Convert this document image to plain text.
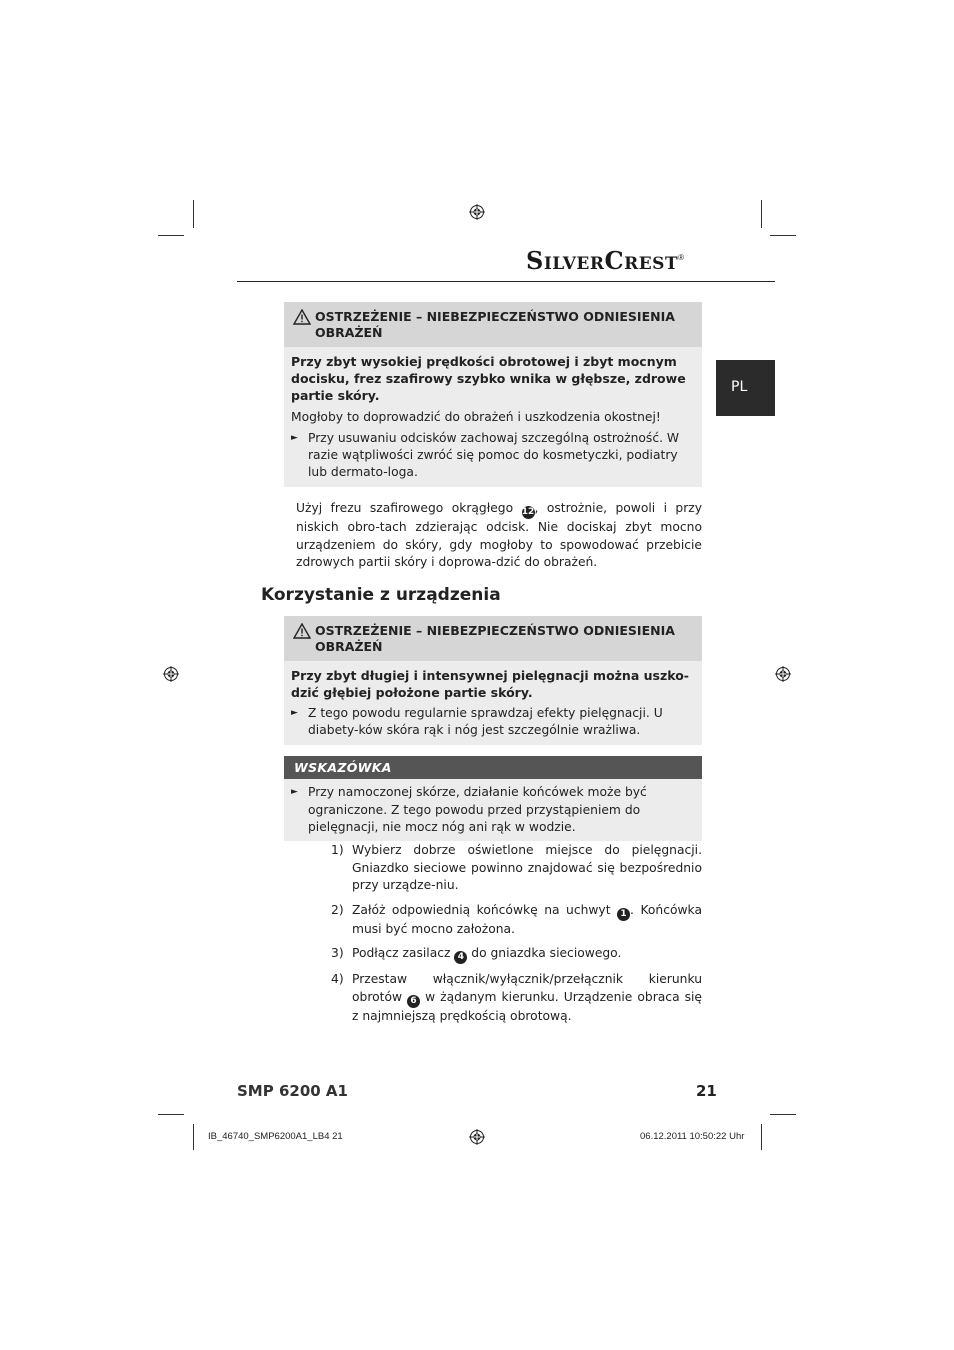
SilverCrest®
PL
OSTRZEŻENIE – NIEBEZPIECZEŃSTWO ODNIESIENIA OBRAŻEŃ

Przy zbyt wysokiej prędkości obrotowej i zbyt mocnym docisku, frez szafirowy szybko wnika w głębsze, zdrowe partie skóry.

Mogłoby to doprowadzić do obrażeń i uszkodzenia okostnej!

► Przy usuwaniu odcisków zachowaj szczególną ostrożność. W razie wątpliwości zwróć się pomoc do kosmetyczki, podiatry lub dermato-loga.
Użyj frezu szafirowego okrągłego 12, ostrożnie, powoli i przy niskich obro-tach zdzierając odcisk. Nie dociskaj zbyt mocno urządzeniem do skóry, gdy mogłoby to spowodować przebicie zdrowych partii skóry i doprowa-dzić do obrażeń.
Korzystanie z urządzenia
OSTRZEŻENIE – NIEBEZPIECZEŃSTWO ODNIESIENIA OBRAŻEŃ

Przy zbyt długiej i intensywnej pielęgnacji można uszko-dzić głębiej położone partie skóry.

► Z tego powodu regularnie sprawdzaj efekty pielęgnacji. U diabety-ków skóra rąk i nóg jest szczególnie wrażliwa.
WSKAZÓWKA
► Przy namoczonej skórze, działanie końcówek może być ograniczone. Z tego powodu przed przystąpieniem do pielęgnacji, nie mocz nóg ani rąk w wodzie.
1) Wybierz dobrze oświetlone miejsce do pielęgnacji. Gniazdko sieciowe powinno znajdować się bezpośrednio przy urządze-niu.
2) Załóż odpowiednią końcówkę na uchwyt 1 . Końcówka musi być mocno założona.
3) Podłącz zasilacz 4 do gniazdka sieciowego.
4) Przestaw włącznik/wyłącznik/przełącznik kierunku obrotów 6 w żądanym kierunku. Urządzenie obraca się z najmniejszą prędkością obrotową.
SMP 6200 A1	21
IB_46740_SMP6200A1_LB4 21	06.12.2011 10:50:22 Uhr
